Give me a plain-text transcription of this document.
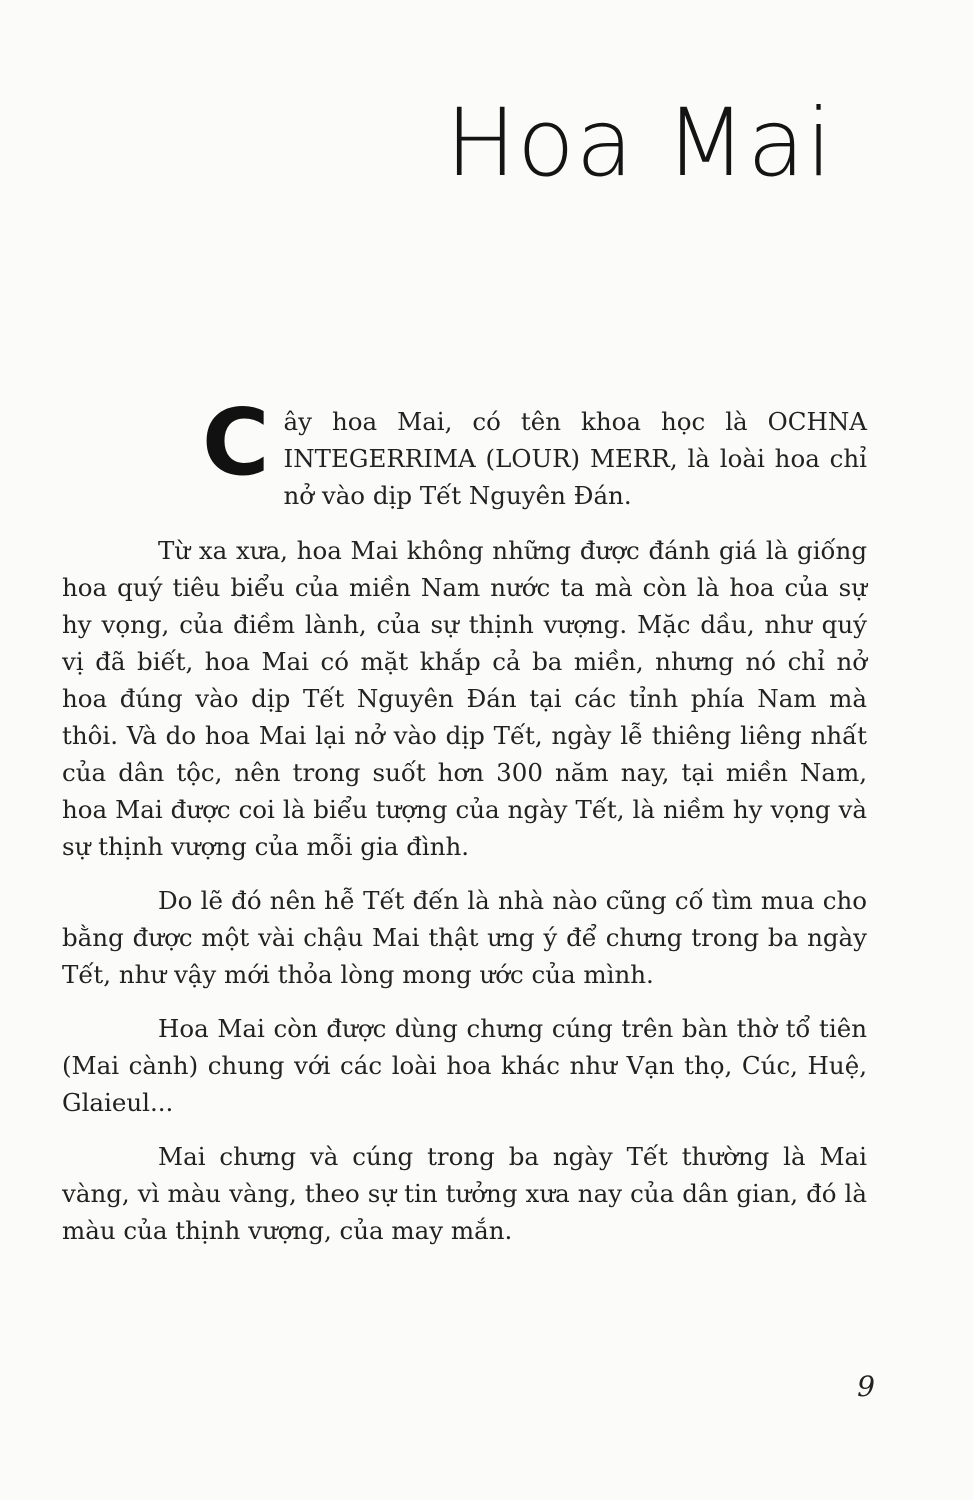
Hoa Mai

Cây hoa Mai, có tên khoa học là OCHNA INTEGERRIMA (LOUR) MERR, là loài hoa chỉ nở vào dịp Tết Nguyên Đán.

Từ xa xưa, hoa Mai không những được đánh giá là giống hoa quý tiêu biểu của miền Nam nước ta mà còn là hoa của sự hy vọng, của điềm lành, của sự thịnh vượng. Mặc dầu, như quý vị đã biết, hoa Mai có mặt khắp cả ba miền, nhưng nó chỉ nở hoa đúng vào dịp Tết Nguyên Đán tại các tỉnh phía Nam mà thôi. Và do hoa Mai lại nở vào dịp Tết, ngày lễ thiêng liêng nhất của dân tộc, nên trong suốt hơn 300 năm nay, tại miền Nam, hoa Mai được coi là biểu tượng của ngày Tết, là niềm hy vọng và sự thịnh vượng của mỗi gia đình.

Do lẽ đó nên hễ Tết đến là nhà nào cũng cố tìm mua cho bằng được một vài chậu Mai thật ưng ý để chưng trong ba ngày Tết, như vậy mới thỏa lòng mong ước của mình.

Hoa Mai còn được dùng chưng cúng trên bàn thờ tổ tiên (Mai cành) chung với các loài hoa khác như Vạn thọ, Cúc, Huệ, Glaieul...

Mai chưng và cúng trong ba ngày Tết thường là Mai vàng, vì màu vàng, theo sự tin tưởng xưa nay của dân gian, đó là màu của thịnh vượng, của may mắn.

9
